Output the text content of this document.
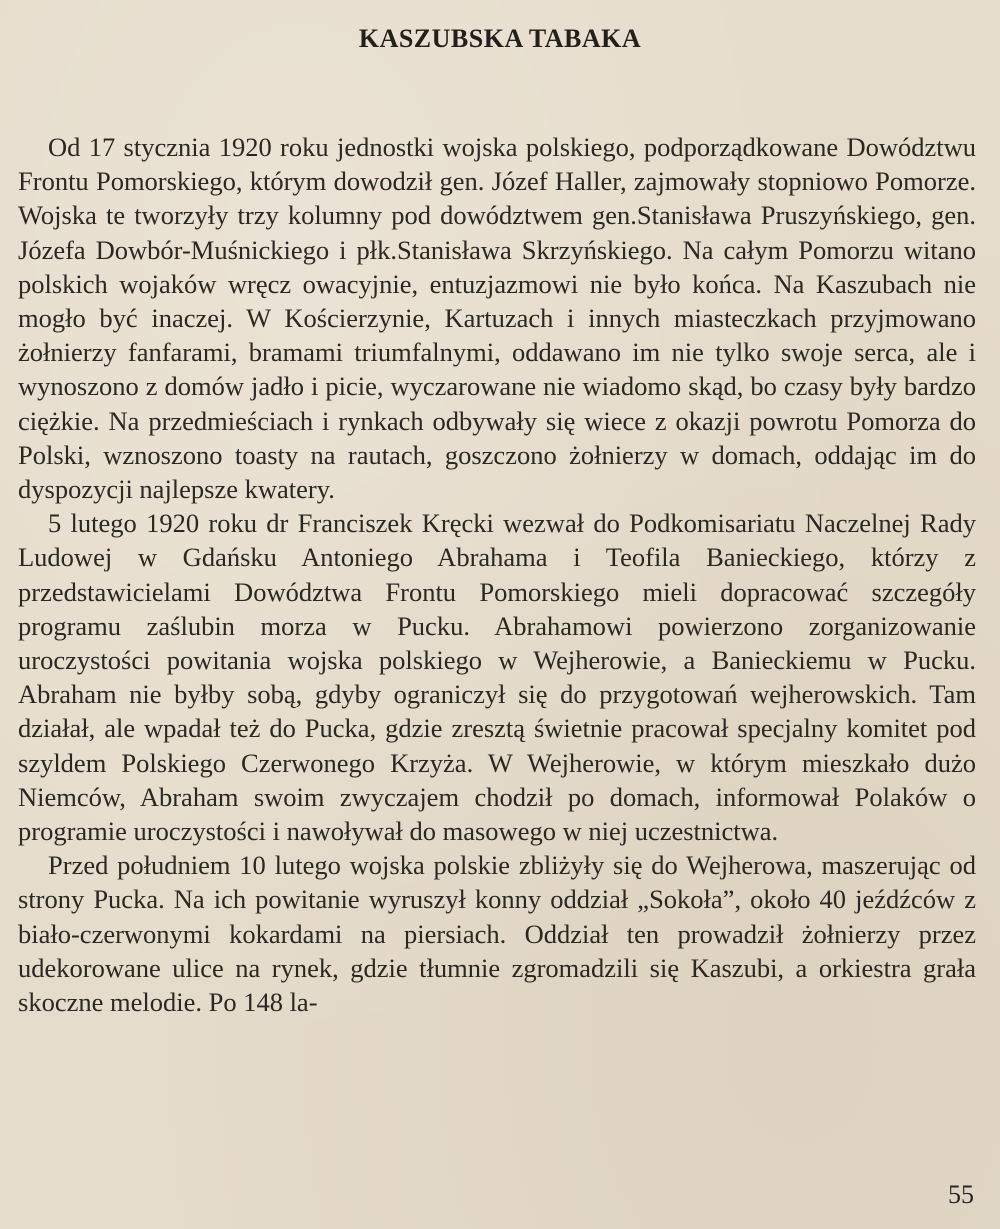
KASZUBSKA TABAKA

Od 17 stycznia 1920 roku jednostki wojska polskiego, podporządkowane Dowództwu Frontu Pomorskiego, którym dowodził gen. Józef Haller, zajmowały stopniowo Pomorze. Wojska te tworzyły trzy kolumny pod dowództwem gen.Stanisława Pruszyńskiego, gen. Józefa Dowbór-Muśnickiego i płk.Stanisława Skrzyńskiego. Na całym Pomorzu witano polskich wojaków wręcz owacyjnie, entuzjazmowi nie było końca. Na Kaszubach nie mogło być inaczej. W Kościerzynie, Kartuzach i innych miasteczkach przyjmowano żołnierzy fanfarami, bramami triumfalnymi, oddawano im nie tylko swoje serca, ale i wynoszono z domów jadło i picie, wyczarowane nie wiadomo skąd, bo czasy były bardzo ciężkie. Na przedmieściach i rynkach odbywały się wiece z okazji powrotu Pomorza do Polski, wznoszono toasty na rautach, goszczono żołnierzy w domach, oddając im do dyspozycji najlepsze kwatery.

5 lutego 1920 roku dr Franciszek Kręcki wezwał do Podkomisariatu Naczelnej Rady Ludowej w Gdańsku Antoniego Abrahama i Teofila Banieckiego, którzy z przedstawicielami Dowództwa Frontu Pomorskiego mieli dopracować szczegóły programu zaślubin morza w Pucku. Abrahamowi powierzono zorganizowanie uroczystości powitania wojska polskiego w Wejherowie, a Banieckiemu w Pucku. Abraham nie byłby sobą, gdyby ograniczył się do przygotowań wejherowskich. Tam działał, ale wpadał też do Pucka, gdzie zresztą świetnie pracował specjalny komitet pod szyldem Polskiego Czerwonego Krzyża. W Wejherowie, w którym mieszkało dużo Niemców, Abraham swoim zwyczajem chodził po domach, informował Polaków o programie uroczystości i nawoływał do masowego w niej uczestnictwa.

Przed południem 10 lutego wojska polskie zbliżyły się do Wejherowa, maszerując od strony Pucka. Na ich powitanie wyruszył konny oddział „Sokoła”, około 40 jeźdźców z biało-czerwonymi kokardami na piersiach. Oddział ten prowadził żołnierzy przez udekorowane ulice na rynek, gdzie tłumnie zgromadzili się Kaszubi, a orkiestra grała skoczne melodie. Po 148 la-

55
